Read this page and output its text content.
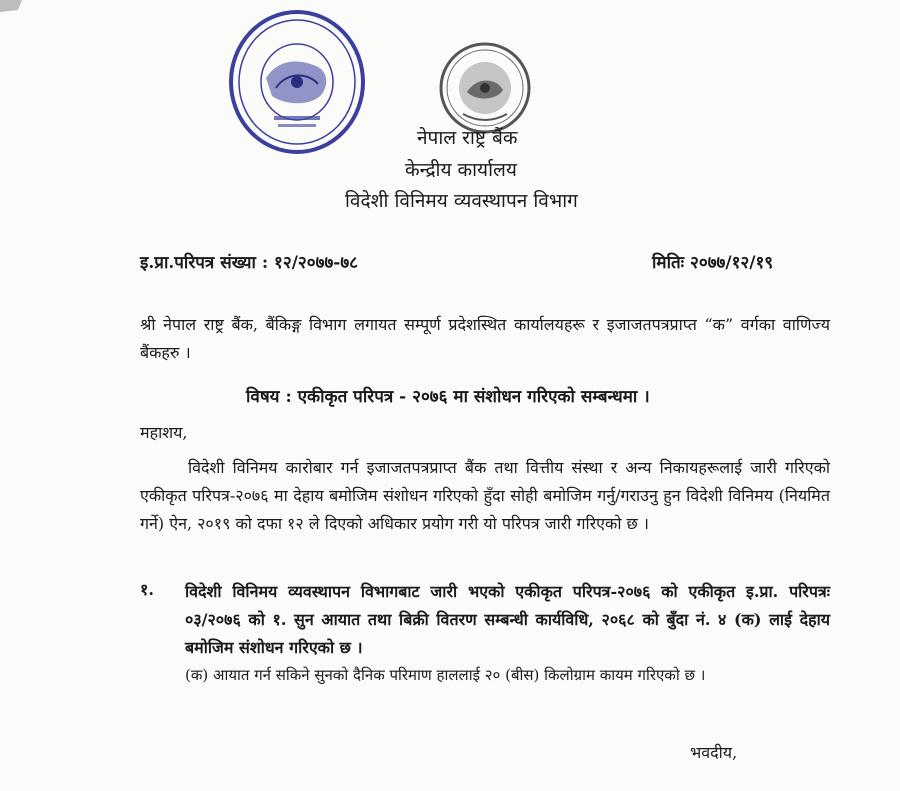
नेपाल राष्ट्र बैंक
केन्द्रीय कार्यालय
विदेशी विनिमय व्यवस्थापन विभाग
इ.प्रा.परिपत्र संख्या : १२/२०७७-७८	मितिः २०७७/१२/१९
श्री नेपाल राष्ट्र बैंक, बैंकिङ्ग विभाग लगायत सम्पूर्ण प्रदेशस्थित कार्यालयहरू र इजाजतपत्रप्राप्त “क” वर्गका वाणिज्य बैंकहरु ।
विषय : एकीकृत परिपत्र - २०७६ मा संशोधन गरिएको सम्बन्धमा ।
महाशय,
विदेशी विनिमय कारोबार गर्न इजाजतपत्रप्राप्त बैंक तथा वित्तीय संस्था र अन्य निकायहरूलाई जारी गरिएको एकीकृत परिपत्र-२०७६ मा देहाय बमोजिम संशोधन गरिएको हुँदा सोही बमोजिम गर्नु/गराउनु हुन विदेशी विनिमय (नियमित गर्ने) ऐन, २०१९ को दफा १२ ले दिएको अधिकार प्रयोग गरी यो परिपत्र जारी गरिएको छ ।
१. विदेशी विनिमय व्यवस्थापन विभागबाट जारी भएको एकीकृत परिपत्र-२०७६ को एकीकृत इ.प्रा. परिपत्रः ०३/२०७६ को १. सुन आयात तथा बिक्री वितरण सम्बन्धी कार्यविधि, २०६८ को बुँदा नं. ४ (क) लाई देहाय बमोजिम संशोधन गरिएको छ ।
(क) आयात गर्न सकिने सुनको दैनिक परिमाण हाललाई २० (बीस) किलोग्राम कायम गरिएको छ ।
भवदीय,
